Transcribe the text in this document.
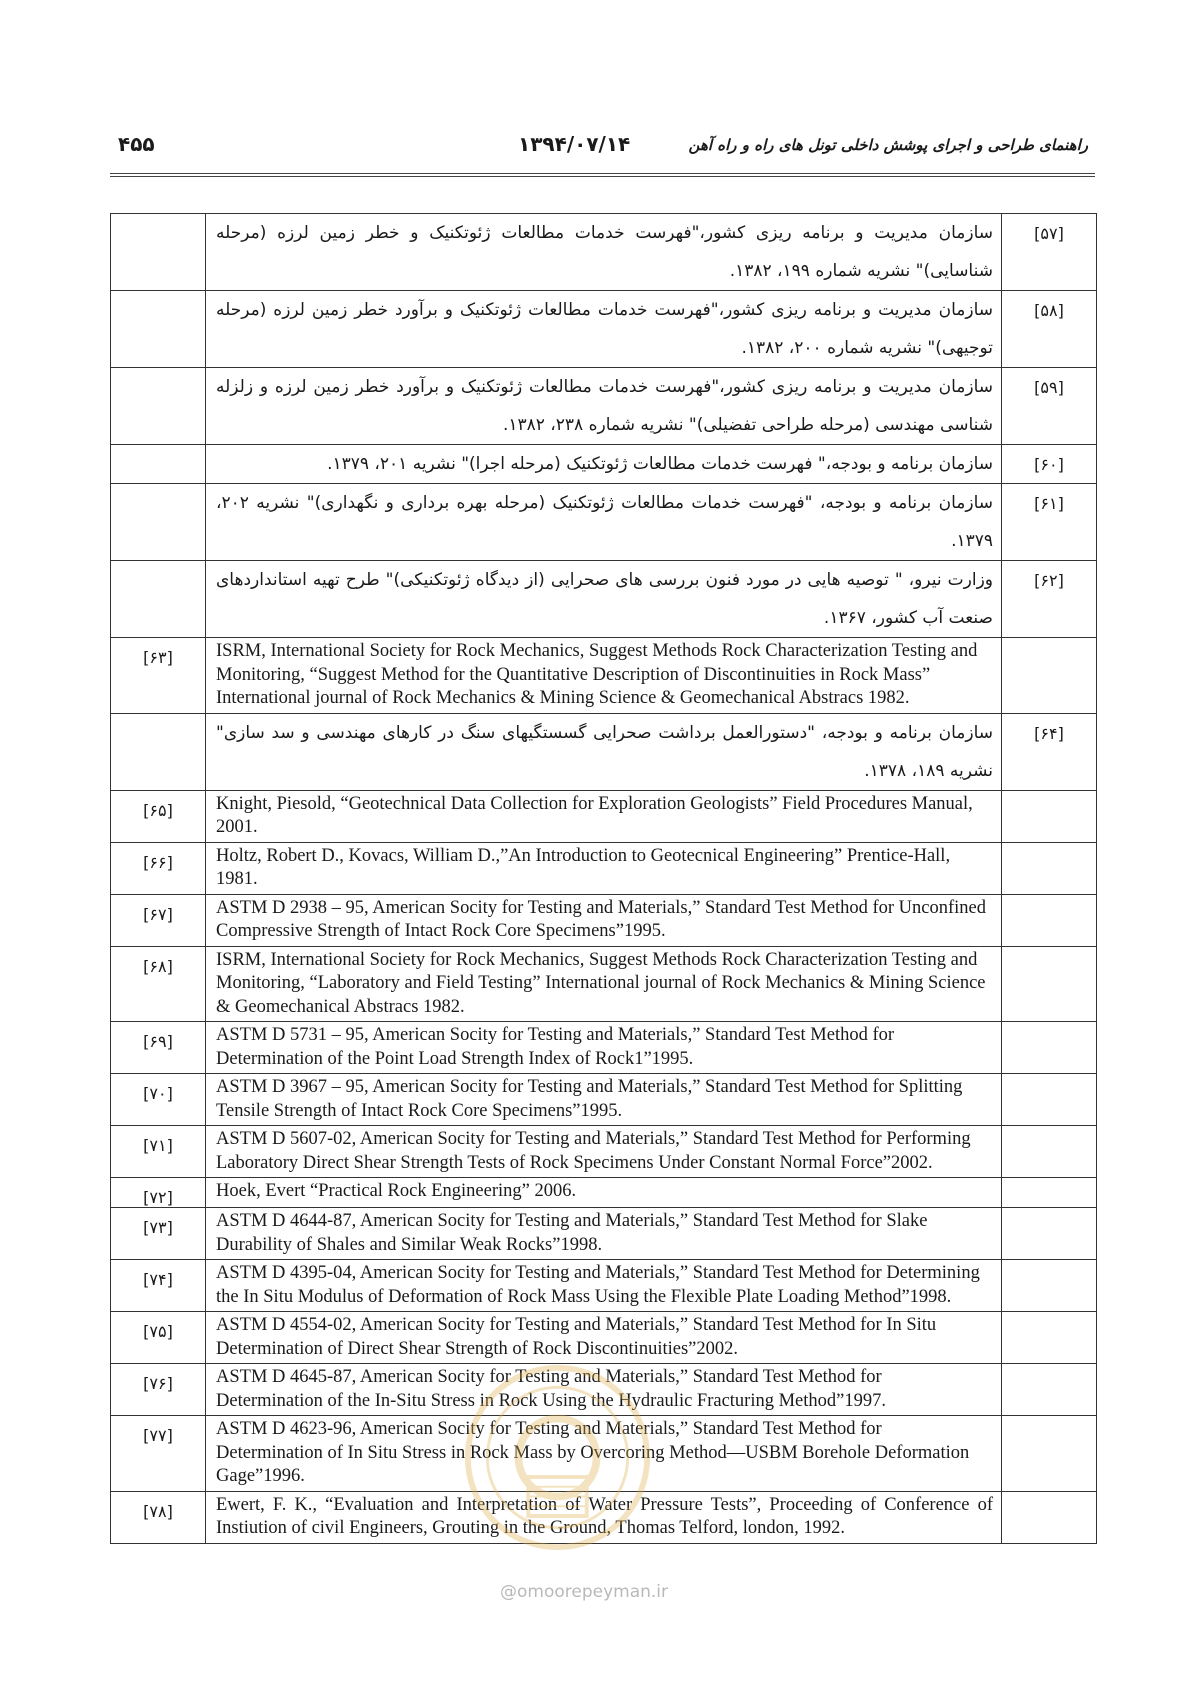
۴۵۵	۱۳۹۴/۰۷/۱۴	راهنمای طراحی و اجرای پوشش داخلی تونل های راه و راه آهن

	سازمان مدیریت و برنامه ریزی کشور،"فهرست خدمات مطالعات ژئوتکنیک و خطر زمین لرزه (مرحله شناسایی)" نشریه شماره ۱۹۹، ۱۳۸۲.	[۵۷]

	سازمان مدیریت و برنامه ریزی کشور،"فهرست خدمات مطالعات ژئوتکنیک و برآورد خطر زمین لرزه (مرحله توجیهی)" نشریه شماره ۲۰۰، ۱۳۸۲.	[۵۸]

	سازمان مدیریت و برنامه ریزی کشور،"فهرست خدمات مطالعات ژئوتکنیک و برآورد خطر زمین لرزه و زلزله شناسی مهندسی (مرحله طراحی تفضیلی)" نشریه شماره ۲۳۸، ۱۳۸۲.	[۵۹]

	سازمان برنامه و بودجه،" فهرست خدمات مطالعات ژئوتکنیک (مرحله اجرا)" نشریه ۲۰۱، ۱۳۷۹.	[۶۰]

	سازمان برنامه و بودجه، "فهرست خدمات مطالعات ژئوتکنیک (مرحله بهره برداری و نگهداری)" نشریه ۲۰۲، ۱۳۷۹.	[۶۱]

	وزارت نیرو، " توصیه هایی در مورد فنون بررسی های صحرایی (از دیدگاه ژئوتکنیکی)" طرح تهیه استانداردهای صنعت آب کشور، ۱۳۶۷.	[۶۲]

[۶۳]	ISRM, International Society for Rock Mechanics, Suggest Methods Rock Characterization Testing and Monitoring, “Suggest Method for the Quantitative Description of Discontinuities in Rock Mass” International journal of Rock Mechanics & Mining Science & Geomechanical Abstracs 1982.	

	سازمان برنامه و بودجه، "دستورالعمل برداشت صحرایی گسستگیهای سنگ در کارهای مهندسی و سد سازی" نشریه ۱۸۹، ۱۳۷۸.	[۶۴]

[۶۵]	Knight, Piesold, “Geotechnical Data Collection for Exploration Geologists” Field Procedures Manual, 2001.	

[۶۶]	Holtz, Robert D., Kovacs, William D.,”An Introduction to Geotecnical Engineering” Prentice-Hall, 1981.	

[۶۷]	ASTM D 2938 – 95, American Socity for Testing and Materials,” Standard Test Method for Unconfined Compressive Strength of Intact Rock Core Specimens”1995.	

[۶۸]	ISRM, International Society for Rock Mechanics, Suggest Methods Rock Characterization Testing and Monitoring, “Laboratory and Field Testing” International journal of Rock Mechanics & Mining Science & Geomechanical Abstracs 1982.	

[۶۹]	ASTM D 5731 – 95, American Socity for Testing and Materials,” Standard Test Method for Determination of the Point Load Strength Index of Rock1”1995.	

[۷۰]	ASTM D 3967 – 95, American Socity for Testing and Materials,” Standard Test Method for Splitting Tensile Strength of Intact Rock Core Specimens”1995.	

[۷۱]	ASTM D 5607-02, American Socity for Testing and Materials,” Standard Test Method for Performing Laboratory Direct Shear Strength Tests of Rock Specimens Under Constant Normal Force”2002.	

[۷۲]	Hoek, Evert “Practical Rock Engineering” 2006.	

[۷۳]	ASTM D 4644-87, American Socity for Testing and Materials,” Standard Test Method for Slake Durability of Shales and Similar Weak Rocks”1998.	

[۷۴]	ASTM D 4395-04, American Socity for Testing and Materials,” Standard Test Method for Determining the In Situ Modulus of Deformation of Rock Mass Using the Flexible Plate Loading Method”1998.	

[۷۵]	ASTM D 4554-02, American Socity for Testing and Materials,” Standard Test Method for In Situ Determination of Direct Shear Strength of Rock Discontinuities”2002.	

[۷۶]	ASTM D 4645-87, American Socity for Testing and Materials,” Standard Test Method for Determination of the In-Situ Stress in Rock Using the Hydraulic Fracturing Method”1997.	

[۷۷]	ASTM D 4623-96, American Socity for Testing and Materials,” Standard Test Method for Determination of In Situ Stress in Rock Mass by Overcoring Method—USBM Borehole Deformation Gage”1996.	

[۷۸]	Ewert, F. K., “Evaluation and Interpretation of Water Pressure Tests”, Proceeding of Conference of Instiution of civil Engineers, Grouting in the Ground, Thomas Telford, london, 1992.	

@omoorepeyman.ir
